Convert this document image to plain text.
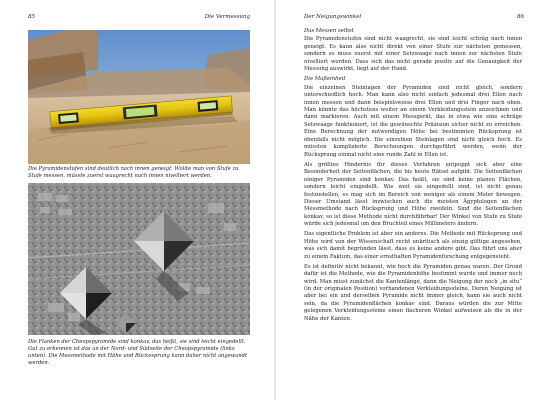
85	Die Vermessung

Die Pyramidenstufen sind deutlich nach innen geneigt: Wollte man von Stufe zu Stufe messen, müsste zuerst waagrecht nach innen nivelliert werden.

Die Flanken der Cheopspyramide sind konkav, das heißt, sie sind leicht eingedellt. Gut zu erkennen ist das an der Nord- und Südseite der Cheopspyramide (links unten). Die Messmethode mit Höhe und Rückesprung kann daher nicht angewandt werden.

Der Neigungswinkel	86

Das Messen selbst

Die Pyramidenstufen sind nicht waagrecht, sie sind leicht schräg nach innen geneigt. Es kann also nicht direkt von einer Stufe zur nächsten gemessen, sondern es muss zuerst mit einer Setzwaage nach innen zur nächsten Stufe nivelliert werden. Dass sich das nicht gerade positiv auf die Genauigkeit der Messung auswirkt, liegt auf der Hand.

Die Maßeinheit

Die einzelnen Steinlagen der Pyramiden sind nicht gleich, sondern unterschiedlich hoch. Man kann also nicht einfach jedesmal drei Ellen nach innen messen und dann beispielsweise drei Ellen und drei Finger nach oben. Man könnte das höchstens weiter an einem Verkleidungsstein anzeichnen und dann markieren. Auch mit einem Messgerät, das in etwa wie eine schräge Setzwaage funktioniert, ist die gewünschte Präzision sicher nicht zu erreichen. Eine Berechnung der notwendigen Höhe bei bestimmten Rücksprung ist ebenfalls nicht möglich. Die einzelnen Steinlagen sind nicht gleich hoch. Es müssten komplizierte Berechnungen durchgeführt werden, wenn der Rücksprung einmal nicht eine runde Zahl in Ellen ist.

Als größtes Hindernis für dieses Verfahren entpuppt sich aber eine Besonderheit der Seitenflächen, die bis heute Rätsel aufgibt. Die Seitenflächen einiger Pyramiden sind konkav. Das heißt, sie sind keine planen Flächen, sondern leicht eingedellt. Wie weit sie eingedellt sind, ist nicht genau festzustellen, es mag sich im Bereich von weniger als einem Meter bewegen. Dieser Umstand lässt inzwischen auch die meisten Ägyptologen an der Messmethode nach Rücksprung und Höhe zweifeln. Sind die Seitenflächen konkav, so ist diese Methode nicht durchführbar! Der Winkel von Stufe zu Stufe würde sich jedesmal um den Bruchteil eines Millimeters ändern.

Das eigentliche Problem ist aber ein anderes. Die Methode mit Rücksprung und Höhe wird von der Wissenschaft recht unkritisch als einzig gültige angesehen, was sich damit begründen lässt, dass es keine andere gibt. Das führt uns aber zu einem Faktum, das einer ernsthaften Pyramidenforschung entgegensteht.

Es ist definitiv nicht bekannt, wie hoch die Pyramiden genau waren. Der Grund dafür ist die Methode, wie die Pyramidenhöhe bestimmt wurde und immer noch wird. Man misst zunächst die Kantenlänge, dann die Neigung der noch „in situ“ (in der originalen Position) vorhandenen Verkleidungssteine. Deren Neigung ist aber bei ein und derselben Pyramide nicht immer gleich, kann sie auch nicht sein, da die Pyramidenflächen konkav sind. Daraus würden die zur Mitte gelegenen Verkleidungssteine einen flacheren Winkel aufweisen als die in der Nähe der Kanten.
